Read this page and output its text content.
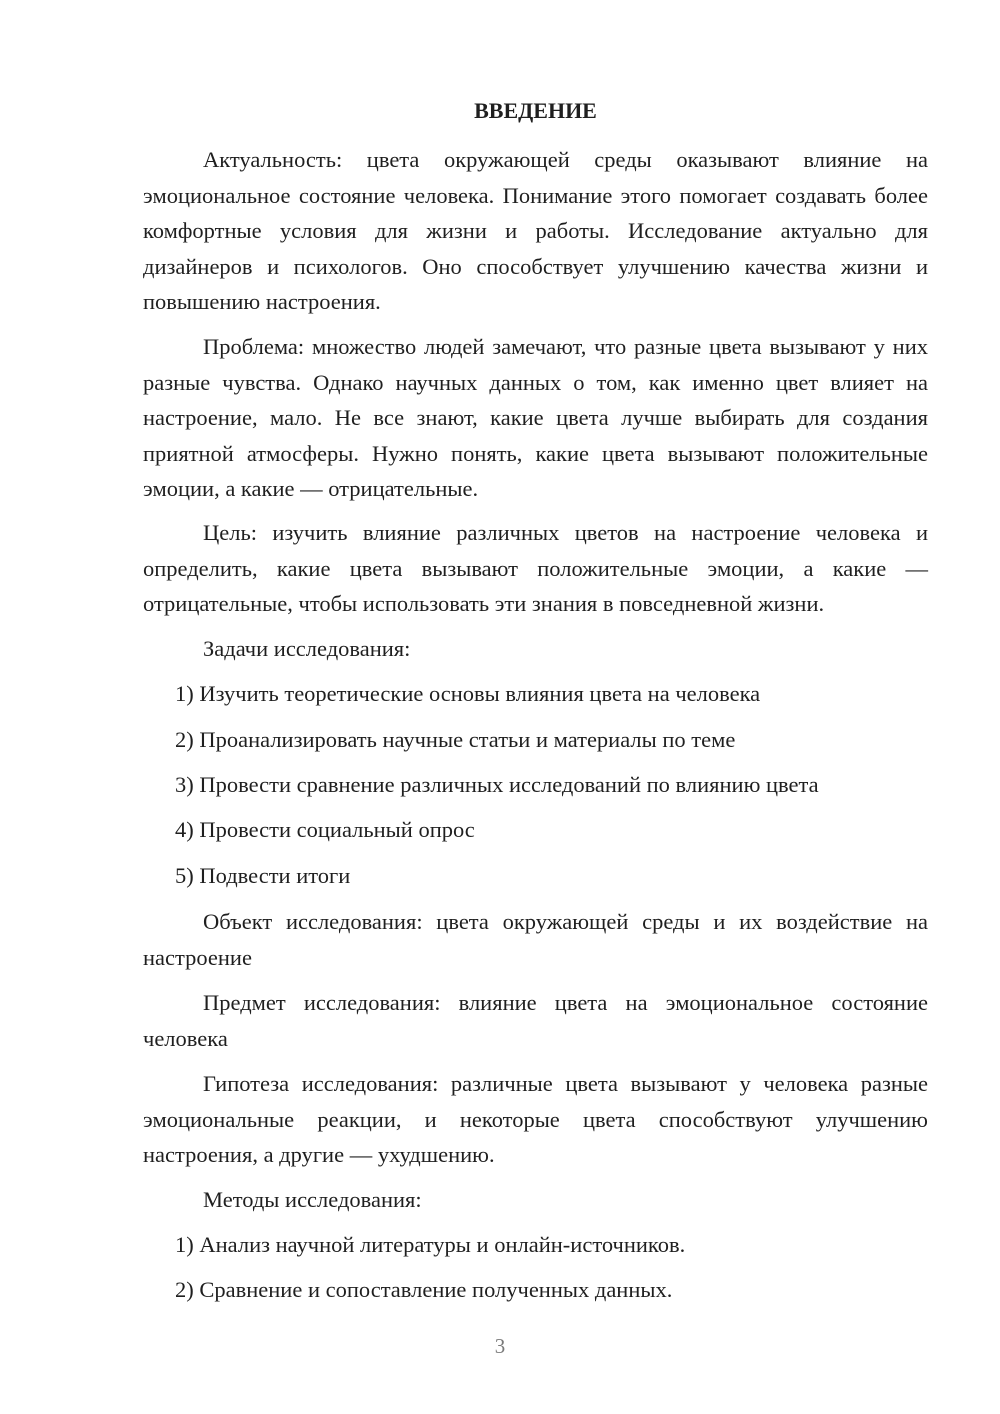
ВВЕДЕНИЕ

Актуальность: цвета окружающей среды оказывают влияние на эмоциональное состояние человека. Понимание этого помогает создавать более комфортные условия для жизни и работы. Исследование актуально для дизайнеров и психологов. Оно способствует улучшению качества жизни и повышению настроения.

Проблема: множество людей замечают, что разные цвета вызывают у них разные чувства. Однако научных данных о том, как именно цвет влияет на настроение, мало. Не все знают, какие цвета лучше выбирать для создания приятной атмосферы. Нужно понять, какие цвета вызывают положительные эмоции, а какие — отрицательные.

Цель: изучить влияние различных цветов на настроение человека и определить, какие цвета вызывают положительные эмоции, а какие — отрицательные, чтобы использовать эти знания в повседневной жизни.

Задачи исследования:

1) Изучить теоретические основы влияния цвета на человека

2) Проанализировать научные статьи и материалы по теме

3) Провести сравнение различных исследований по влиянию цвета

4) Провести социальный опрос

5) Подвести итоги

Объект исследования: цвета окружающей среды и их воздействие на настроение

Предмет исследования: влияние цвета на эмоциональное состояние человека

Гипотеза исследования: различные цвета вызывают у человека разные эмоциональные реакции, и некоторые цвета способствуют улучшению настроения, а другие — ухудшению.

Методы исследования:

1) Анализ научной литературы и онлайн-источников.

2) Сравнение и сопоставление полученных данных.

3
